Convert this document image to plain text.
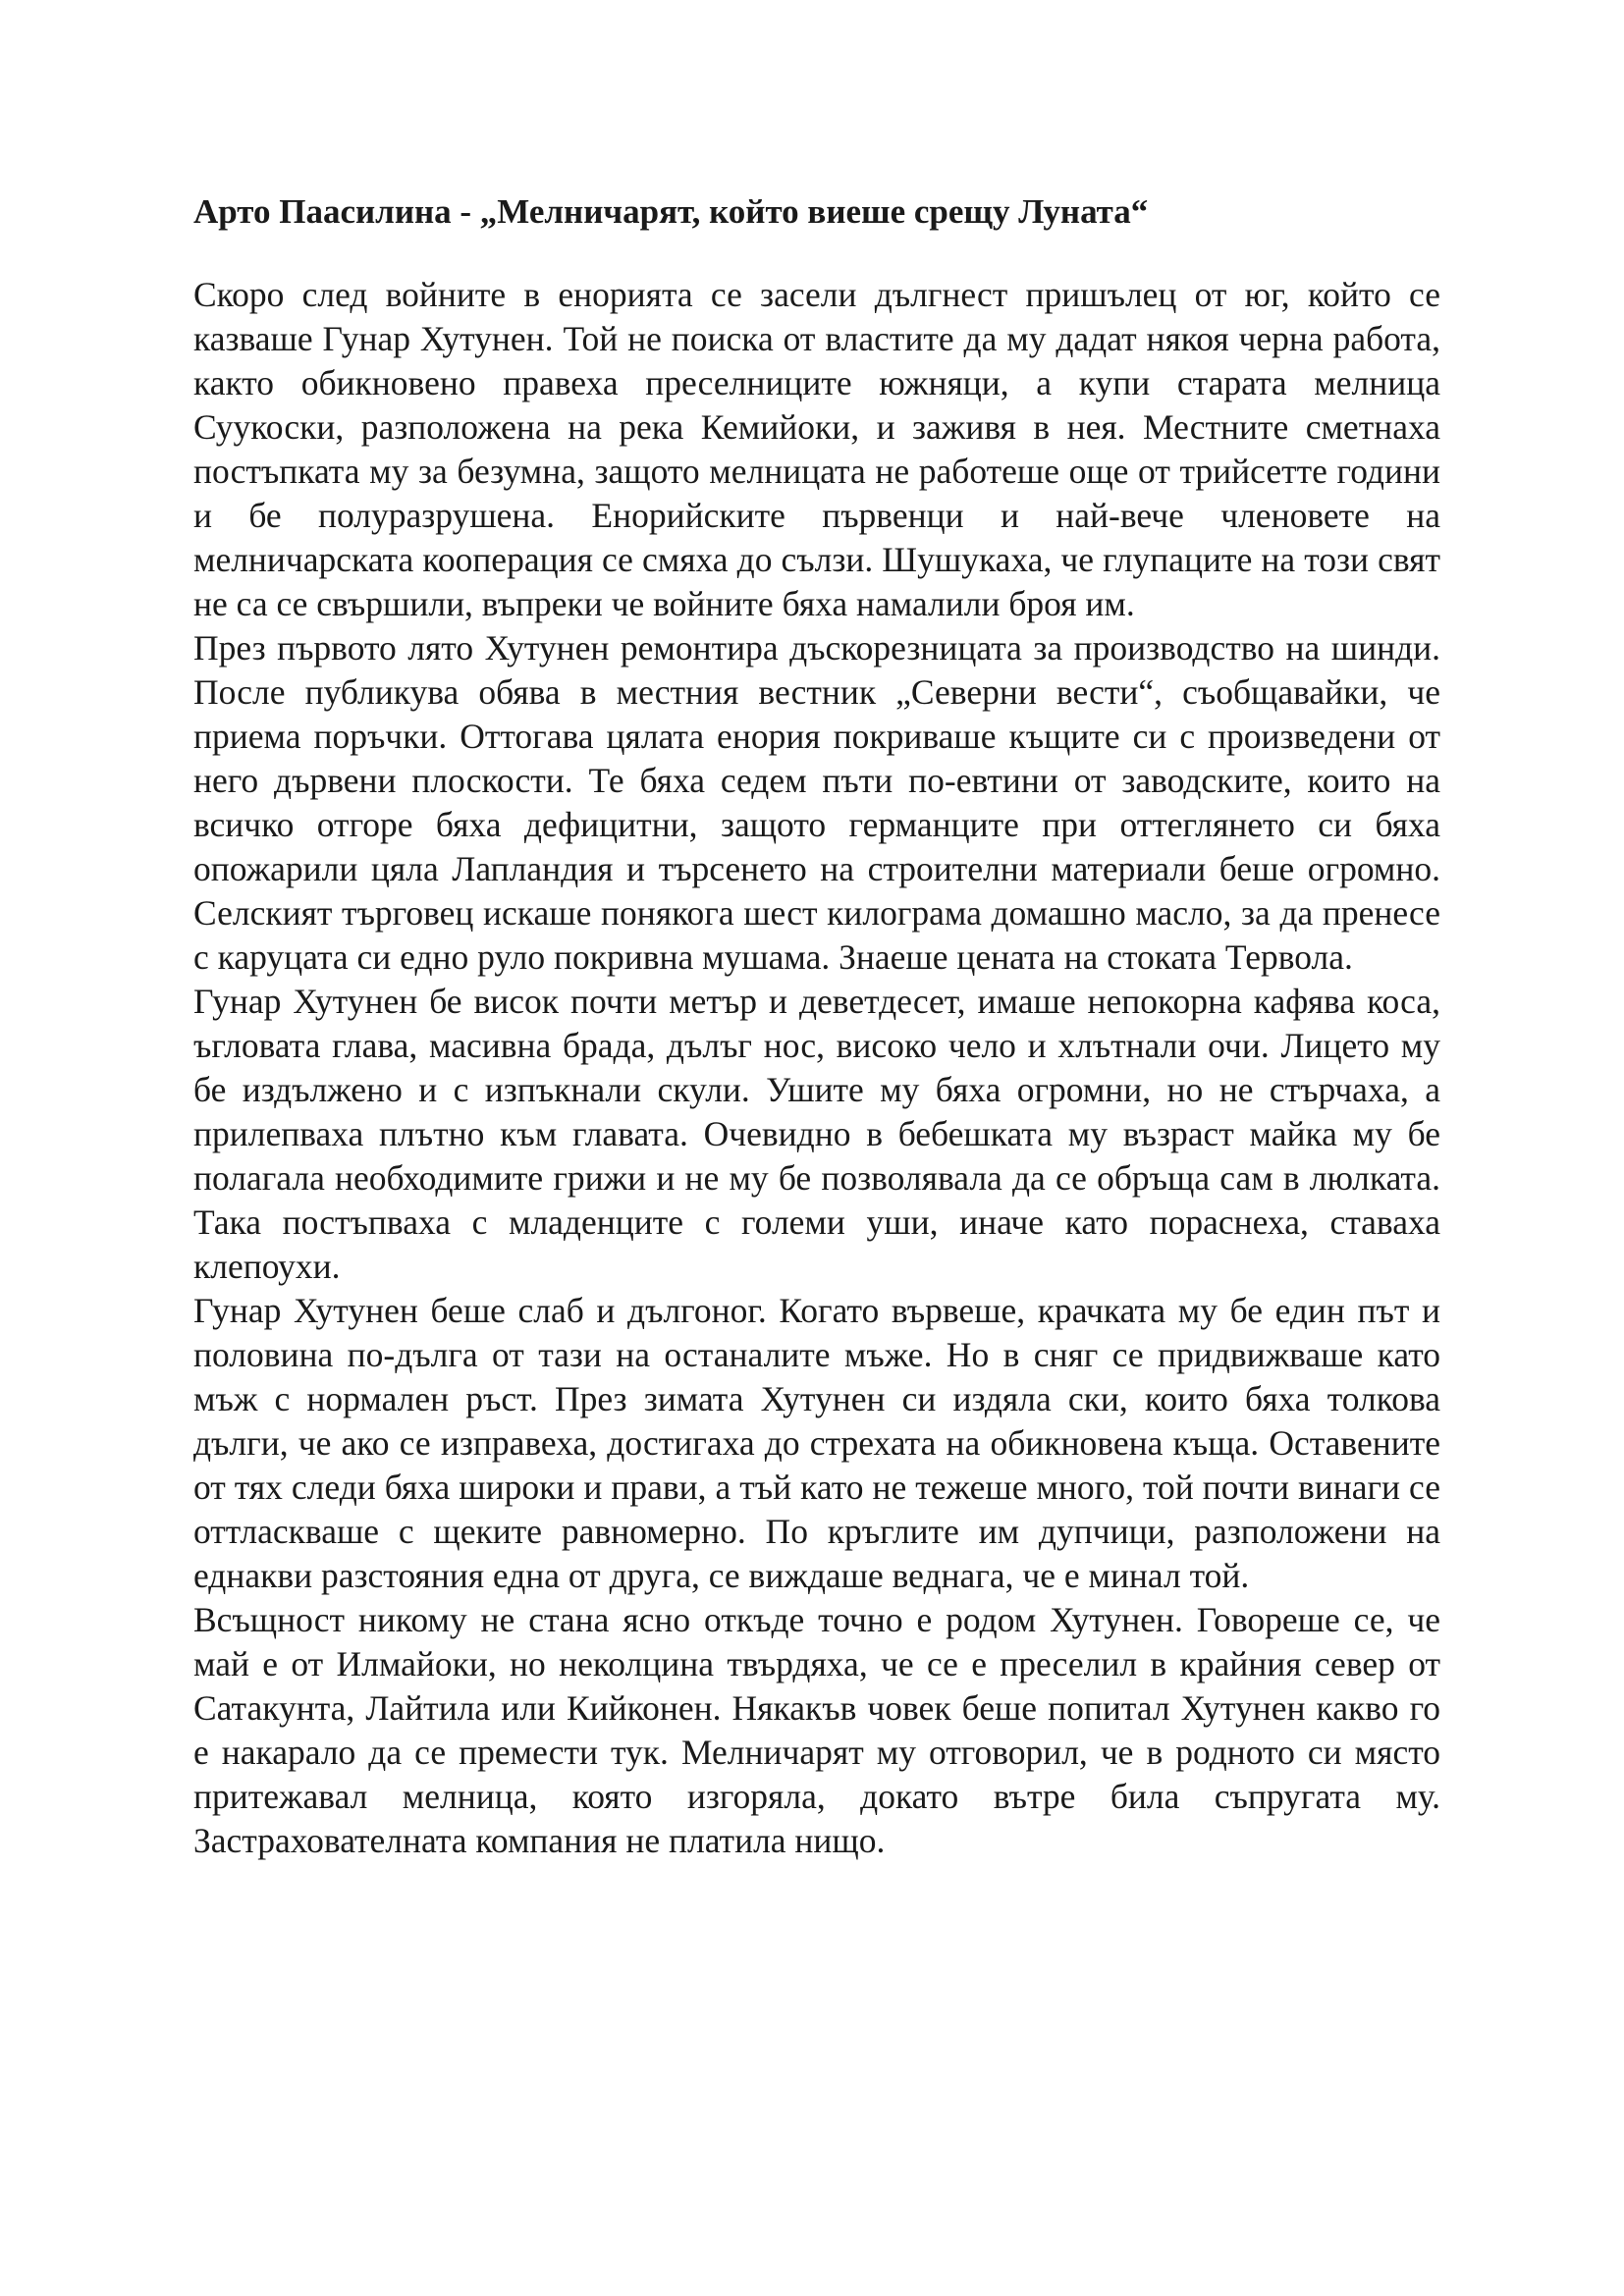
Арто Паасилина - „Мелничарят, който виеше срещу Луната“

Скоро след войните в енорията се засели дългнест пришълец от юг, който се казваше Гунар Хутунен. Той не поиска от властите да му дадат някоя черна работа, както обикновено правеха преселниците южняци, а купи старата мелница Суукоски, разположена на река Кемийоки, и заживя в нея. Местните сметнаха постъпката му за безумна, защото мелницата не работеше още от трийсетте години и бе полуразрушена. Енорийските първенци и най-вече членовете на мелничарската кооперация се смяха до сълзи. Шушукаха, че глупаците на този свят не са се свършили, въпреки че войните бяха намалили броя им.

През първото лято Хутунен ремонтира дъскорезницата за производство на шинди. После публикува обява в местния вестник „Северни вести“, съобщавайки, че приема поръчки. Оттогава цялата енория покриваше къщите си с произведени от него дървени плоскости. Те бяха седем пъти по-евтини от заводските, които на всичко отгоре бяха дефицитни, защото германците при оттеглянето си бяха опожарили цяла Лапландия и търсенето на строителни материали беше огромно. Селският търговец искаше понякога шест килограма домашно масло, за да пренесе с каруцата си едно руло покривна мушама. Знаеше цената на стоката Тервола.

Гунар Хутунен бе висок почти метър и деветдесет, имаше непокорна кафява коса, ъгловата глава, масивна брада, дълъг нос, високо чело и хлътнали очи. Лицето му бе издължено и с изпъкнали скули. Ушите му бяха огромни, но не стърчаха, а прилепваха плътно към главата. Очевидно в бебешката му възраст майка му бе полагала необходимите грижи и не му бе позволявала да се обръща сам в люлката. Така постъпваха с младенците с големи уши, иначе като пораснеха, ставаха клепоухи.

Гунар Хутунен беше слаб и дългоног. Когато вървеше, крачката му бе един път и половина по-дълга от тази на останалите мъже. Но в сняг се придвижваше като мъж с нормален ръст. През зимата Хутунен си издяла ски, които бяха толкова дълги, че ако се изправеха, достигаха до стрехата на обикновена къща. Оставените от тях следи бяха широки и прави, а тъй като не тежеше много, той почти винаги се оттласкваше с щеките равномерно. По кръглите им дупчици, разположени на еднакви разстояния една от друга, се виждаше веднага, че е минал той.

Всъщност никому не стана ясно откъде точно е родом Хутунен. Говореше се, че май е от Илмайоки, но неколцина твърдяха, че се е преселил в крайния север от Сатакунта, Лайтила или Кийконен. Някакъв човек беше попитал Хутунен какво го е накарало да се премести тук. Мелничарят му отговорил, че в родното си място притежавал мелница, която изгоряла, докато вътре била съпругата му. Застрахователната компания не платила нищо.
